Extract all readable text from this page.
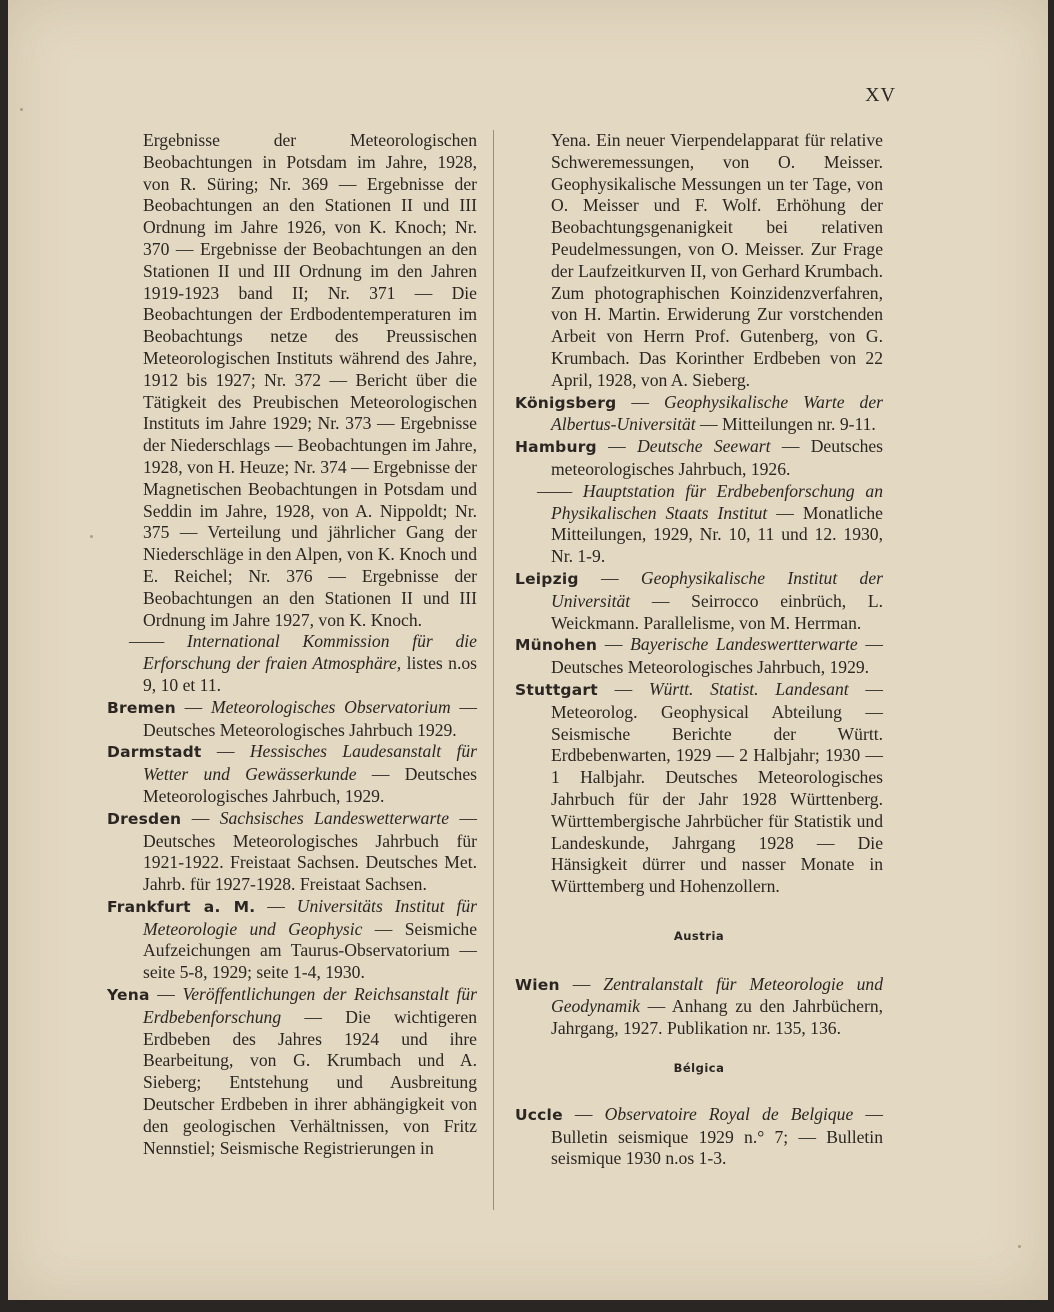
XV
Ergebnisse der Meteorologischen Beobachtungen in Potsdam im Jahre, 1928, von R. Süring; Nr. 369 — Ergebnisse der Beobachtungen an den Stationen II und III Ordnung im Jahre 1926, von K. Knoch; Nr. 370 — Ergebnisse der Beobachtungen an den Stationen II und III Ordnung im den Jahren 1919-1923 band II; Nr. 371 — Die Beobachtungen der Erdbodentemperaturen im Beobachtungs netze des Preussischen Meteorologischen Instituts während des Jahre, 1912 bis 1927; Nr. 372 — Bericht über die Tätigkeit des Preubischen Meteorologischen Instituts im Jahre 1929; Nr. 373 — Ergebnisse der Niederschlags — Beobachtungen im Jahre, 1928, von H. Heuze; Nr. 374 — Ergebnisse der Magnetischen Beobachtungen in Potsdam und Seddin im Jahre, 1928, von A. Nippoldt; Nr. 375 — Verteilung und jährlicher Gang der Niederschläge in den Alpen, von K. Knoch und E. Reichel; Nr. 376 — Ergebnisse der Beobachtungen an den Stationen II und III Ordnung im Jahre 1927, von K. Knoch.
—— International Kommission für die Erforschung der fraien Atmosphäre, listes n.os 9, 10 et 11.
Bremen — Meteorologisches Observatorium — Deutsches Meteorologisches Jahrbuch 1929.
Darmstadt — Hessisches Laudesanstalt für Wetter und Gewässerkunde — Deutsches Meteorologisches Jahrbuch, 1929.
Dresden — Sachsisches Landeswetterwarte — Deutsches Meteorologisches Jahrbuch für 1921-1922. Freistaat Sachsen. Deutsches Met. Jahrb. für 1927-1928. Freistaat Sachsen.
Frankfurt a. M. — Universitäts Institut für Meteorologie und Geophysic — Seismiche Aufzeichungen am Taurus-Observatorium — seite 5-8, 1929; seite 1-4, 1930.
Yena — Veröffentlichungen der Reichsanstalt für Erdbebenforschung — Die wichtigeren Erdbeben des Jahres 1924 und ihre Bearbeitung, von G. Krumbach und A. Sieberg; Entstehung und Ausbreitung Deutscher Erdbeben in ihrer abhängigkeit von den geologischen Verhältnissen, von Fritz Nennstiel; Seismische Registrierungen in
Yena. Ein neuer Vierpendelapparat für relative Schweremessungen, von O. Meisser. Geophysikalische Messungen un ter Tage, von O. Meisser und F. Wolf. Erhöhung der Beobachtungsgenanigkeit bei relativen Peudelmessungen, von O. Meisser. Zur Frage der Laufzeitkurven II, von Gerhard Krumbach. Zum photographischen Koinzidenzverfahren, von H. Martin. Erwiderung Zur vorstchenden Arbeit von Herrn Prof. Gutenberg, von G. Krumbach. Das Korinther Erdbeben von 22 April, 1928, von A. Sieberg.
Königsberg — Geophysikalische Warte der Albertus-Universität — Mitteilungen nr. 9-11.
Hamburg — Deutsche Seewart — Deutsches meteorologisches Jahrbuch, 1926.
—— Hauptstation für Erdbebenforschung an Physikalischen Staats Institut — Monatliche Mitteilungen, 1929, Nr. 10, 11 und 12. 1930, Nr. 1-9.
Leipzig — Geophysikalische Institut der Universität — Seirrocco einbrüch, L. Weickmann. Parallelisme, von M. Herrman.
Münohen — Bayerische Landeswertterwarte — Deutsches Meteorologisches Jahrbuch, 1929.
Stuttgart — Württ. Statist. Landesant — Meteorolog. Geophysical Abteilung — Seismische Berichte der Württ. Erdbebenwarten, 1929 — 2 Halbjahr; 1930 — 1 Halbjahr. Deutsches Meteorologisches Jahrbuch für der Jahr 1928 Württenberg. Württembergische Jahrbücher für Statistik und Landeskunde, Jahrgang 1928 — Die Hänsigkeit dürrer und nasser Monate in Württemberg und Hohenzollern.
Austria
Wien — Zentralanstalt für Meteorologie und Geodynamik — Anhang zu den Jahrbüchern, Jahrgang, 1927. Publikation nr. 135, 136.
Bélgica
Uccle — Observatoire Royal de Belgique — Bulletin seismique 1929 n.° 7; — Bulletin seismique 1930 n.os 1-3.
